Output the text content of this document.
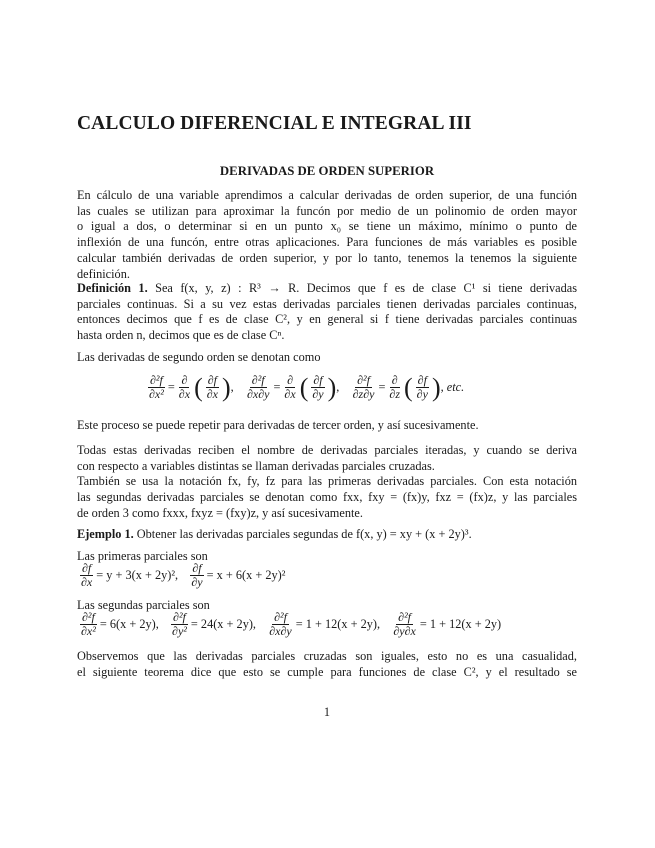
CALCULO DIFERENCIAL E INTEGRAL III
DERIVADAS DE ORDEN SUPERIOR
En cálculo de una variable aprendimos a calcular derivadas de orden superior, de una función
las cuales se utilizan para aproximar la funcón por medio de un polinomio de orden mayor
o igual a dos, o determinar si en un punto x₀ se tiene un máximo, mínimo o punto de
inflexión de una funcón, entre otras aplicaciones. Para funciones de más variables es posible
calcular también derivadas de orden superior, y por lo tanto, tenemos la tenemos la siguiente
definición.
Definición 1. Sea f(x, y, z) : R³ → R. Decimos que f es de clase C¹ si tiene derivadas
parciales continuas. Si a su vez estas derivadas parciales tienen derivadas parciales continuas,
entonces decimos que f es de clase C², y en general si f tiene derivadas parciales continuas
hasta orden n, decimos que es de clase Cⁿ.
Las derivadas de segundo orden se denotan como
$\frac{\text{∂²f}}{\text{∂x²}} = \frac{\partial}{\partial x}$ ( $\frac{\partial f}{\partial x}$ ) , $\frac{\text{∂²f}}{\partial x\partial y} = \frac{\partial}{\partial x}$ ( $\frac{\partial f}{\partial y}$ ) , $\frac{\text{∂²f}}{\partial z\partial y} = \frac{\partial}{\partial z}$ ( $\frac{\partial f}{\partial y}$ ) , etc.
Este proceso se puede repetir para derivadas de tercer orden, y así sucesivamente.
Todas estas derivadas reciben el nombre de derivadas parciales iteradas, y cuando se deriva
con respecto a variables distintas se llaman derivadas parciales cruzadas.
También se usa la notación fx, fy, fz para las primeras derivadas parciales. Con esta notación
las segundas derivadas parciales se denotan como fxx, fxy = (fx)y, fxz = (fx)z, y las parciales
de orden 3 como fxxx, fxyz = (fxy)z, y así sucesivamente.
Ejemplo 1. Obtener las derivadas parciales segundas de f(x, y) = xy + (x + 2y)³.
Las primeras parciales son
$\frac{\partial f}{\partial x} = y + 3(x + 2y)^2$,
$\frac{\partial f}{\partial y} = x + 6(x + 2y)^2$
Las segundas parciales son
$\frac{\text{∂²f}}{\text{∂x²}} = 6(x + 2y)$,
$\frac{\text{∂²f}}{\text{∂y²}} = 24(x + 2y)$,
$\frac{\text{∂²f}}{\partial x\partial y} = 1 + 12(x + 2y)$,
$\frac{\text{∂²f}}{\partial y\partial x} = 1 + 12(x + 2y)$
Observemos que las derivadas parciales cruzadas son iguales, esto no es una casualidad,
el siguiente teorema dice que esto se cumple para funciones de clase C², y el resultado se
1
